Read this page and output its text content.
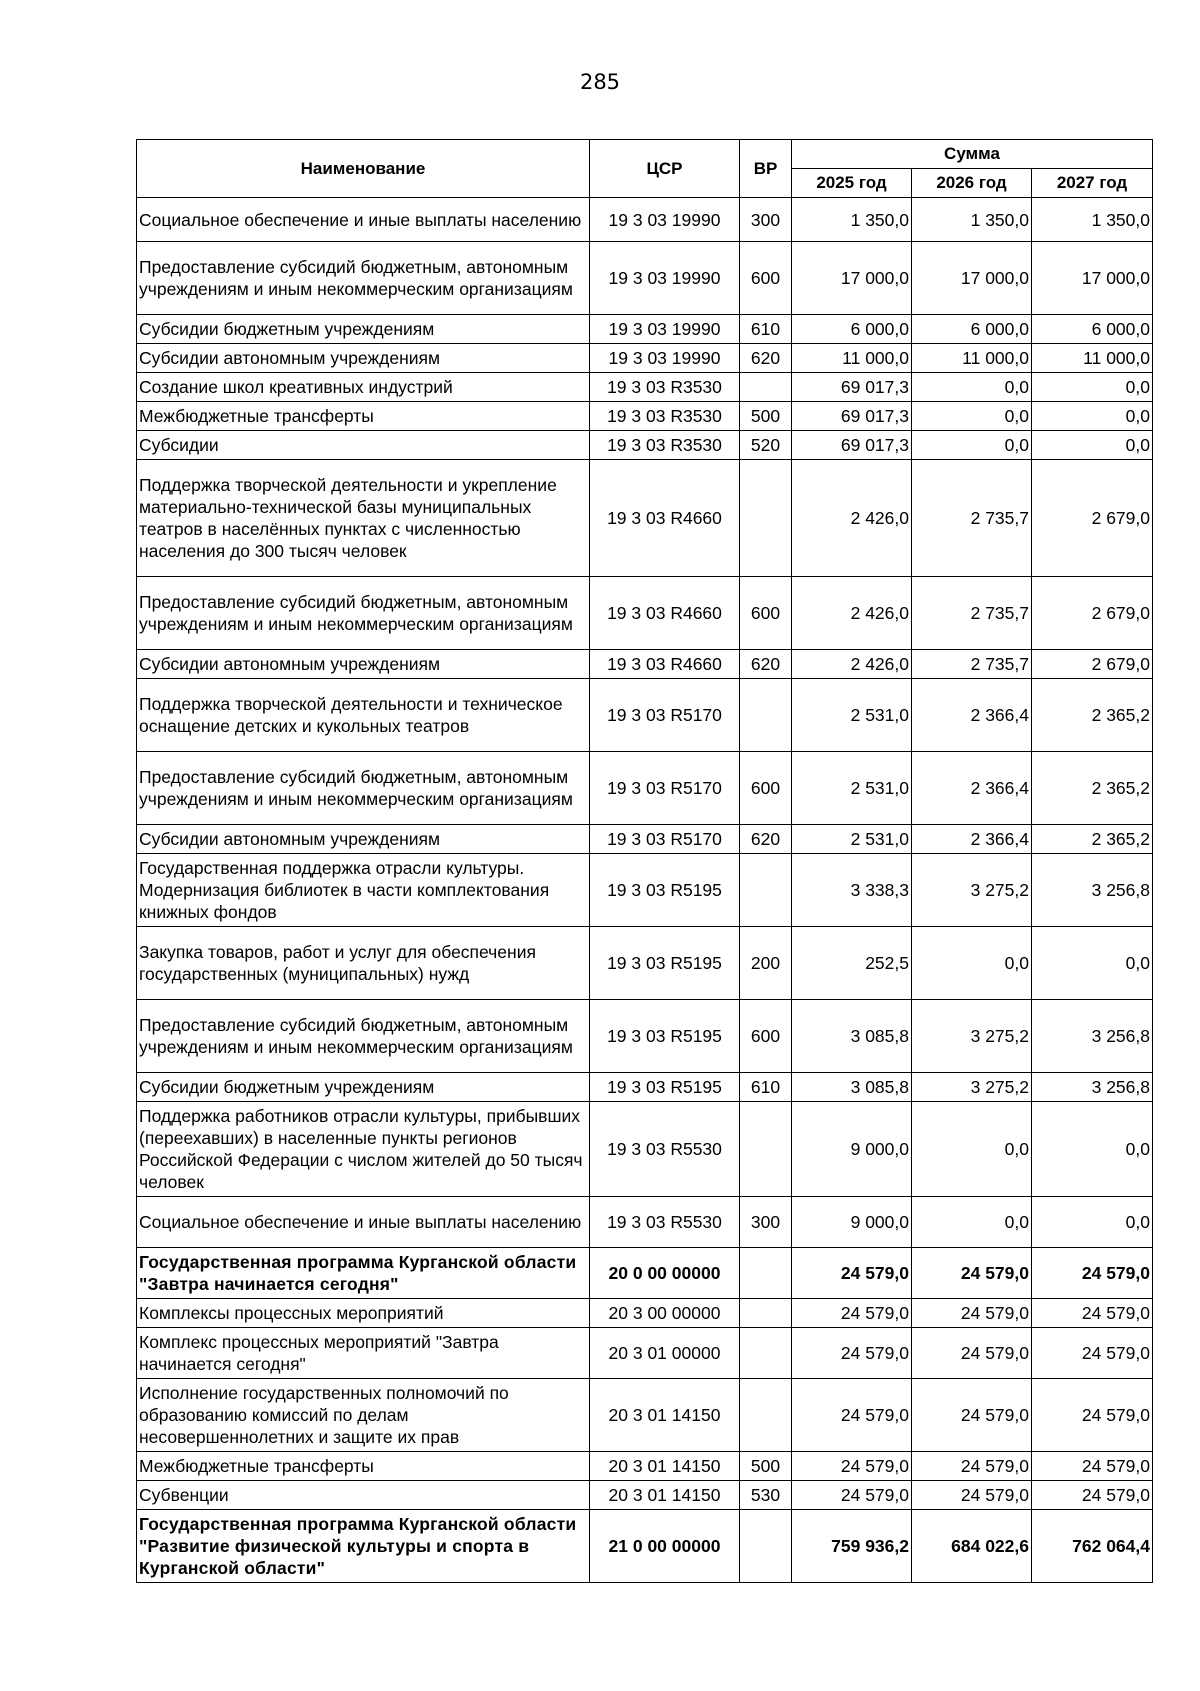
285
Наименование	ЦСР	ВР	Сумма		
			2025 год	2026 год	2027 год
Социальное обеспечение и иные выплаты населению	19 3 03 19990	300	1 350,0	1 350,0	1 350,0
Предоставление субсидий бюджетным, автономным учреждениям и иным некоммерческим организациям	19 3 03 19990	600	17 000,0	17 000,0	17 000,0
Субсидии бюджетным учреждениям	19 3 03 19990	610	6 000,0	6 000,0	6 000,0
Субсидии автономным учреждениям	19 3 03 19990	620	11 000,0	11 000,0	11 000,0
Создание школ креативных индустрий	19 3 03 R3530		69 017,3	0,0	0,0
Межбюджетные трансферты	19 3 03 R3530	500	69 017,3	0,0	0,0
Субсидии	19 3 03 R3530	520	69 017,3	0,0	0,0
Поддержка творческой деятельности и укрепление материально-технической базы муниципальных театров в населённых пунктах с численностью населения до 300 тысяч человек	19 3 03 R4660		2 426,0	2 735,7	2 679,0
Предоставление субсидий бюджетным, автономным учреждениям и иным некоммерческим организациям	19 3 03 R4660	600	2 426,0	2 735,7	2 679,0
Субсидии автономным учреждениям	19 3 03 R4660	620	2 426,0	2 735,7	2 679,0
Поддержка творческой деятельности и техническое оснащение детских и кукольных театров	19 3 03 R5170		2 531,0	2 366,4	2 365,2
Предоставление субсидий бюджетным, автономным учреждениям и иным некоммерческим организациям	19 3 03 R5170	600	2 531,0	2 366,4	2 365,2
Субсидии автономным учреждениям	19 3 03 R5170	620	2 531,0	2 366,4	2 365,2
Государственная поддержка отрасли культуры. Модернизация библиотек в части комплектования книжных фондов	19 3 03 R5195		3 338,3	3 275,2	3 256,8
Закупка товаров, работ и услуг для обеспечения государственных (муниципальных) нужд	19 3 03 R5195	200	252,5	0,0	0,0
Предоставление субсидий бюджетным, автономным учреждениям и иным некоммерческим организациям	19 3 03 R5195	600	3 085,8	3 275,2	3 256,8
Субсидии бюджетным учреждениям	19 3 03 R5195	610	3 085,8	3 275,2	3 256,8
Поддержка работников отрасли культуры, прибывших (переехавших) в населенные пункты регионов Российской Федерации с числом жителей до 50 тысяч человек	19 3 03 R5530		9 000,0	0,0	0,0
Социальное обеспечение и иные выплаты населению	19 3 03 R5530	300	9 000,0	0,0	0,0
Государственная программа Курганской области "Завтра начинается сегодня"	20 0 00 00000		24 579,0	24 579,0	24 579,0
Комплексы процессных мероприятий	20 3 00 00000		24 579,0	24 579,0	24 579,0
Комплекс процессных мероприятий "Завтра начинается сегодня"	20 3 01 00000		24 579,0	24 579,0	24 579,0
Исполнение государственных полномочий по образованию комиссий по делам несовершеннолетних и защите их прав	20 3 01 14150		24 579,0	24 579,0	24 579,0
Межбюджетные трансферты	20 3 01 14150	500	24 579,0	24 579,0	24 579,0
Субвенции	20 3 01 14150	530	24 579,0	24 579,0	24 579,0
Государственная программа Курганской области "Развитие физической культуры и спорта в Курганской области"	21 0 00 00000		759 936,2	684 022,6	762 064,4
